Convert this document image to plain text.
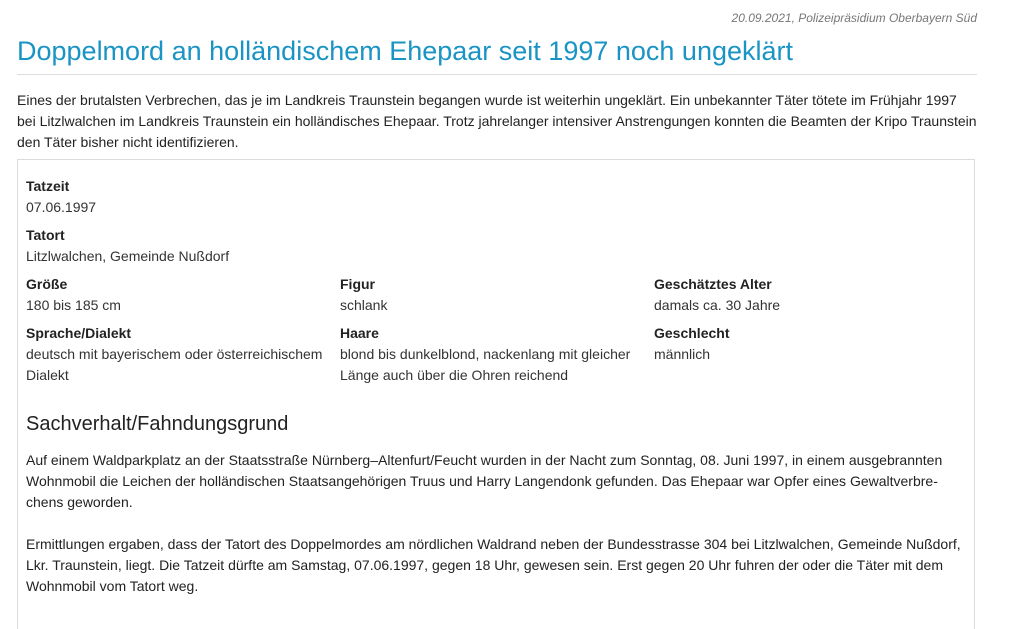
20.09.2021, Polizeipräsidium Oberbayern Süd
Doppelmord an holländischem Ehepaar seit 1997 noch ungeklärt

Eines der brutalsten Verbrechen, das je im Landkreis Traunstein begangen wurde ist weiterhin ungeklärt. Ein unbekannter Täter tötete im Frühjahr 1997 bei Litzlwalchen im Landkreis Traunstein ein holländisches Ehepaar. Trotz jahrelanger intensiver Anstrengungen konnten die Beamten der Kripo Traunstein den Täter bisher nicht identifizieren.

Tatzeit
07.06.1997
Tatort
Litzlwalchen, Gemeinde Nußdorf
Größe
180 bis 185 cm
Figur
schlank
Geschätztes Alter
damals ca. 30 Jahre
Sprache/Dialekt
deutsch mit bayerischem oder österreichischem Dialekt
Haare
blond bis dunkelblond, nackenlang mit gleicher Länge auch über die Ohren reichend
Geschlecht
männlich
Sachverhalt/Fahndungsgrund

Auf einem Waldparkplatz an der Staatsstraße Nürnberg–Altenfurt/Feucht wurden in der Nacht zum Sonntag, 08. Juni 1997, in einem ausgebrannten Wohnmobil die Leichen der holländischen Staatsangehörigen Truus und Harry Langendonk gefunden. Das Ehepaar war Opfer eines Gewaltverbrechens geworden.

Ermittlungen ergaben, dass der Tatort des Doppelmordes am nördlichen Waldrand neben der Bundesstrasse 304 bei Litzlwalchen, Gemeinde Nußdorf, Lkr. Traunstein, liegt. Die Tatzeit dürfte am Samstag, 07.06.1997, gegen 18 Uhr, gewesen sein. Erst gegen 20 Uhr fuhren der oder die Täter mit dem Wohnmobil vom Tatort weg.
